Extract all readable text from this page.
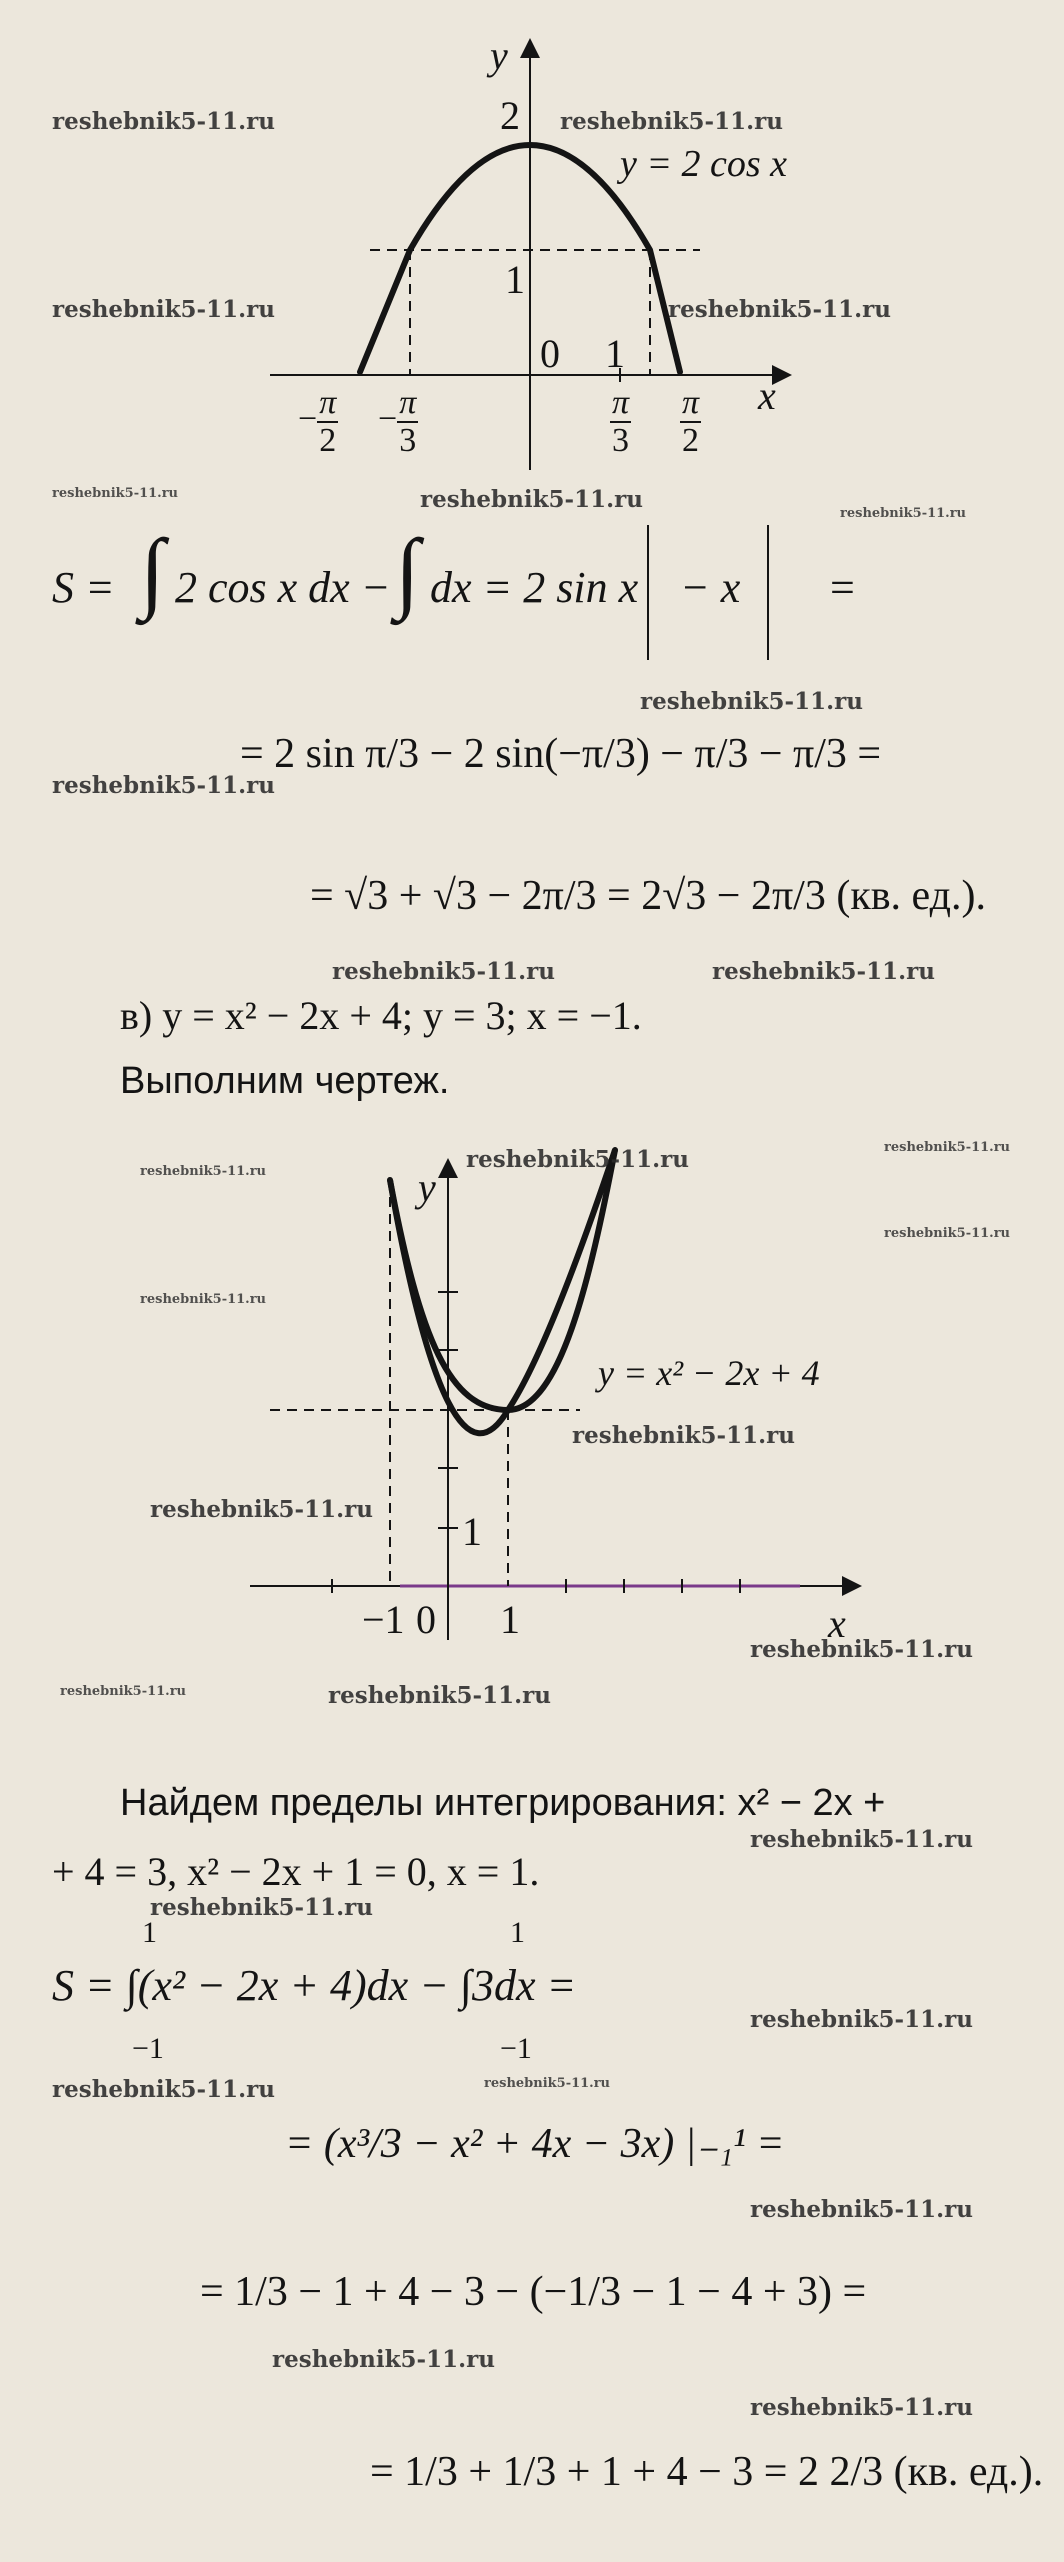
y
2
1
0 1
x
y = 2 cos x
− $\frac{\pi}{2} - \frac{\pi}{3}$	$\frac{\pi}{3} \frac{\pi}{2}$
reshebnik5-11.ru	reshebnik5-11.ru
reshebnik5-11.ru	reshebnik5-11.ru
reshebnik5-11.ru	reshebnik5-11.ru
reshebnik5-11.ru
S = ∫ 2 cos x dx − ∫ dx = 2 sin x − x =
= 2 sin π/3 − 2 sin(−π/3) − π/3 − π/3 =
reshebnik5-11.ru
reshebnik5-11.ru
= √3 + √3 − 2π/3 = 2√3 − 2π/3 (кв. ед.).
reshebnik5-11.ru	reshebnik5-11.ru
в) y = x² − 2x + 4; y = 3; x = −1.
Выполним чертеж.
y
y = x² − 2x + 4
1
−1 0 1	x
reshebnik5-11.ru
reshebnik5-11.ru
reshebnik5-11.ru
reshebnik5-11.ru
reshebnik5-11.ru
reshebnik5-11.ru
reshebnik5-11.ru
reshebnik5-11.ru
reshebnik5-11.ru	reshebnik5-11.ru
Найдем пределы интегрирования: x² − 2x +
reshebnik5-11.ru
+ 4 = 3, x² − 2x + 1 = 0, x = 1.
reshebnik5-11.ru
S = ∫(x² − 2x + 4)dx − ∫3dx =
1
−1
1
−1
reshebnik5-11.ru
reshebnik5-11.ru	reshebnik5-11.ru
= (x³/3 − x² + 4x − 3x) |₋₁¹ =
reshebnik5-11.ru
= 1/3 − 1 + 4 − 3 − (−1/3 − 1 − 4 + 3) =
reshebnik5-11.ru
reshebnik5-11.ru
= 1/3 + 1/3 + 1 + 4 − 3 = 2 2/3 (кв. ед.).
